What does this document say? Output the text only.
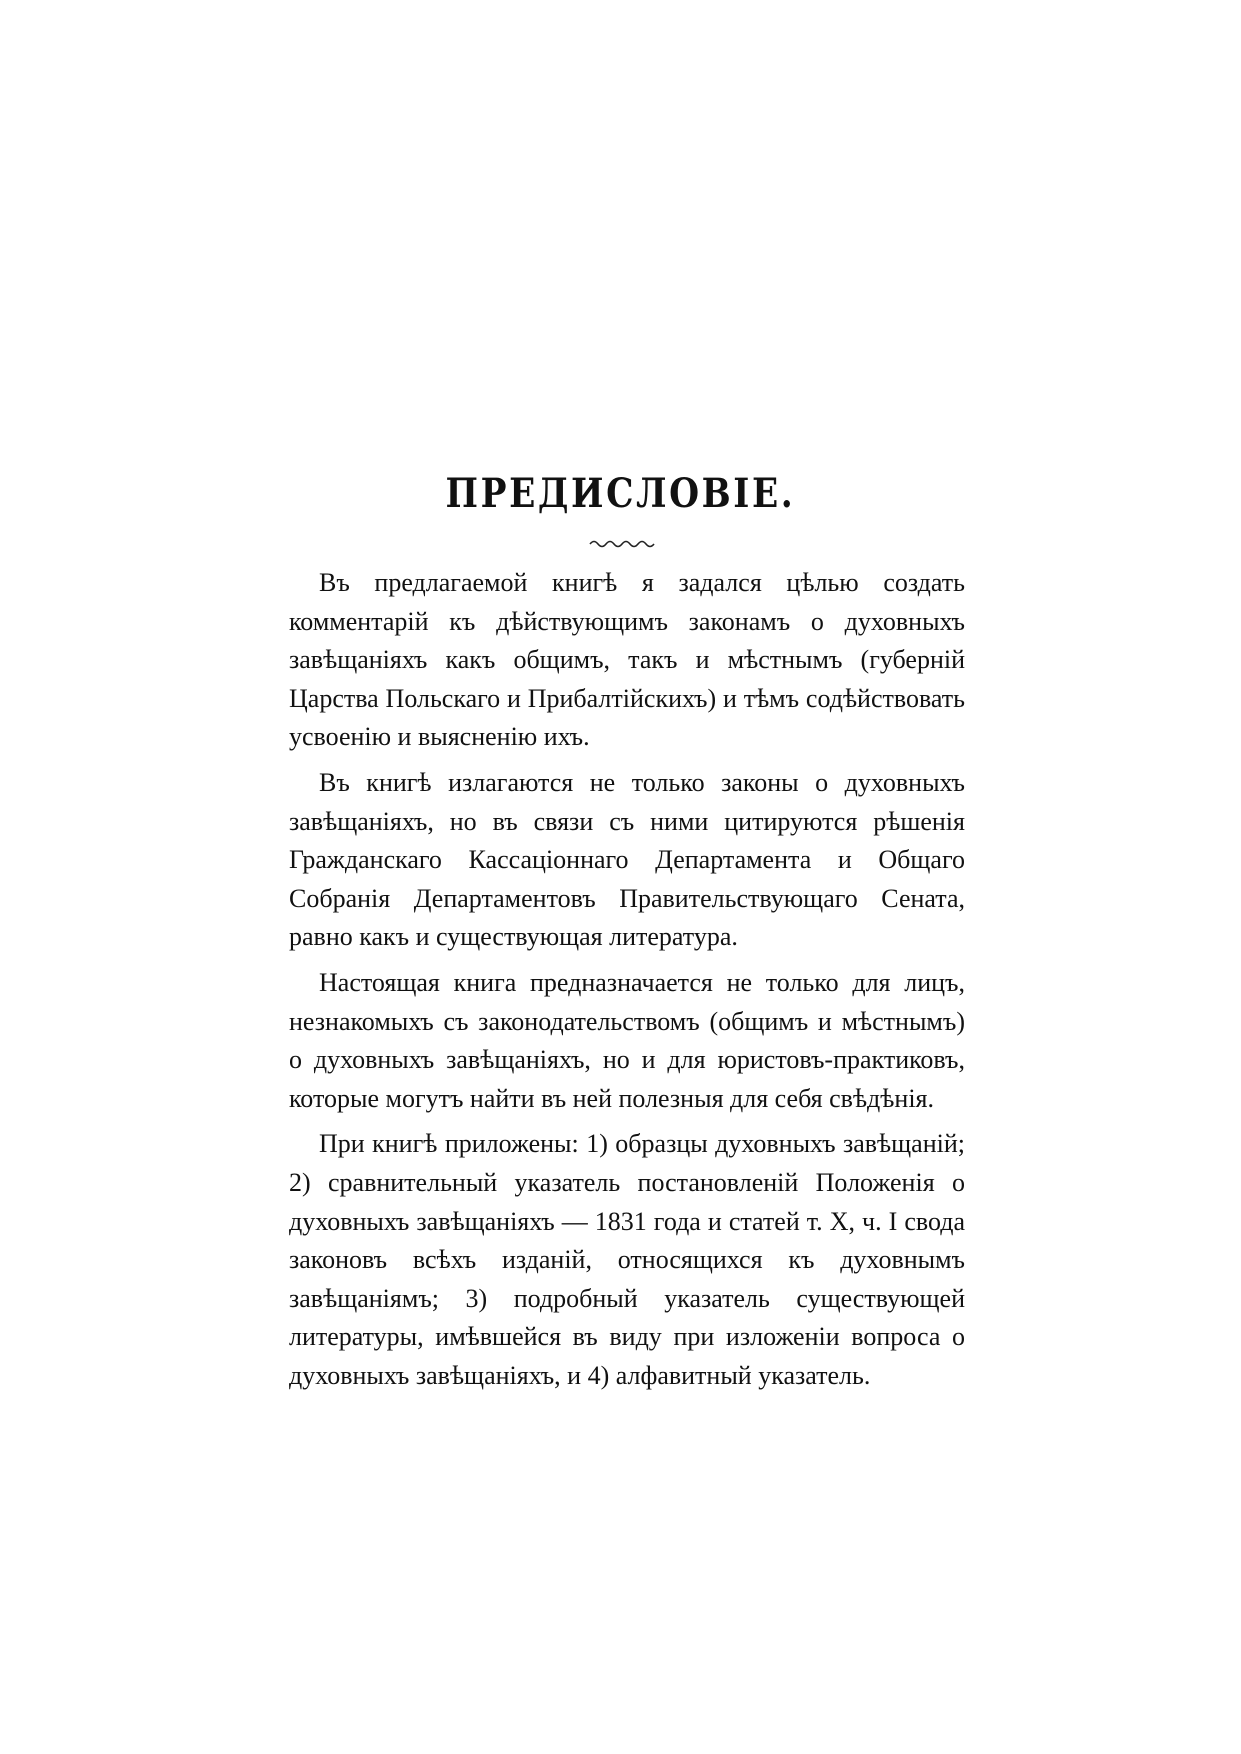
ПРЕДИСЛОВІЕ.

Въ предлагаемой книгѣ я задался цѣлью создать комментарій къ дѣйствующимъ законамъ о духовныхъ завѣщаніяхъ какъ общимъ, такъ и мѣстнымъ (губерній Царства Польскаго и Прибалтійскихъ) и тѣмъ содѣйствовать усвоенію и выясненію ихъ.

Въ книгѣ излагаются не только законы о духовныхъ завѣщаніяхъ, но въ связи съ ними цитируются рѣшенія Гражданскаго Кассаціоннаго Департамента и Общаго Собранія Департаментовъ Правительствующаго Сената, равно какъ и существующая литература.

Настоящая книга предназначается не только для лицъ, незнакомыхъ съ законодательствомъ (общимъ и мѣстнымъ) о духовныхъ завѣщаніяхъ, но и для юристовъ-практиковъ, которые могутъ найти въ ней полезныя для себя свѣдѣнія.

При книгѣ приложены: 1) образцы духовныхъ завѣщаній; 2) сравнительный указатель постановленій Положенія о духовныхъ завѣщаніяхъ — 1831 года и статей т. X, ч. I свода законовъ всѣхъ изданій, относящихся къ духовнымъ завѣщаніямъ; 3) подробный указатель существующей литературы, имѣвшейся въ виду при изложеніи вопроса о духовныхъ завѣщаніяхъ, и 4) алфавитный указатель.
